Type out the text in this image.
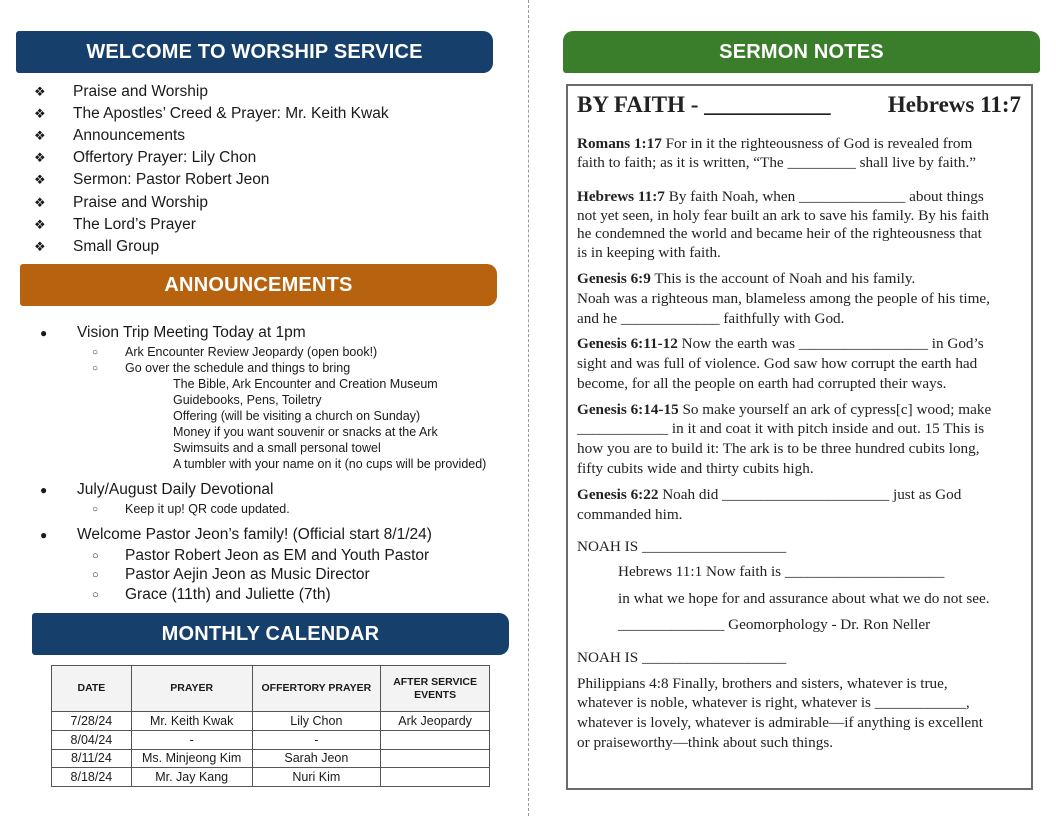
WELCOME TO WORSHIP SERVICE
❖	Praise and Worship
❖	The Apostles’ Creed & Prayer: Mr. Keith Kwak
❖	Announcements
❖	Offertory Prayer: Lily Chon
❖	Sermon: Pastor Robert Jeon
❖	Praise and Worship
❖	The Lord’s Prayer
❖	Small Group
ANNOUNCEMENTS
●	Vision Trip Meeting Today at 1pm
○	Ark Encounter Review Jeopardy (open book!)
○	Go over the schedule and things to bring
The Bible, Ark Encounter and Creation Museum
Guidebooks, Pens, Toiletry
Offering (will be visiting a church on Sunday)
Money if you want souvenir or snacks at the Ark
Swimsuits and a small personal towel
A tumbler with your name on it (no cups will be provided)
●	July/August Daily Devotional
○	Keep it up! QR code updated.
●	Welcome Pastor Jeon’s family! (Official start 8/1/24)
○	Pastor Robert Jeon as EM and Youth Pastor
○	Pastor Aejin Jeon as Music Director
○	Grace (11th) and Juliette (7th)
MONTHLY CALENDAR
DATE	PRAYER	OFFERTORY PRAYER	AFTER SERVICE EVENTS
7/28/24	Mr. Keith Kwak	Lily Chon	Ark Jeopardy
8/04/24	-	-	
8/11/24	Ms. Minjeong Kim	Sarah Jeon	
8/18/24	Mr. Jay Kang	Nuri Kim	
SERMON NOTES
BY FAITH - ___________ Hebrews 11:7
Romans 1:17 For in it the righteousness of God is revealed from
faith to faith; as it is written, “The _________ shall live by faith.”
Hebrews 11:7 By faith Noah, when ______________ about things
not yet seen, in holy fear built an ark to save his family. By his faith
he condemned the world and became heir of the righteousness that
is in keeping with faith.
Genesis 6:9 This is the account of Noah and his family.
Noah was a righteous man, blameless among the people of his time,
and he _____________ faithfully with God.
Genesis 6:11-12 Now the earth was _________________ in God’s
sight and was full of violence. God saw how corrupt the earth had
become, for all the people on earth had corrupted their ways.
Genesis 6:14-15 So make yourself an ark of cypress[c] wood; make
____________ in it and coat it with pitch inside and out. 15 This is
how you are to build it: The ark is to be three hundred cubits long,
fifty cubits wide and thirty cubits high.
Genesis 6:22 Noah did ______________________ just as God
commanded him.
NOAH IS ___________________
Hebrews 11:1 Now faith is _____________________
in what we hope for and assurance about what we do not see.
______________ Geomorphology - Dr. Ron Neller
NOAH IS ___________________
Philippians 4:8 Finally, brothers and sisters, whatever is true,
whatever is noble, whatever is right, whatever is ____________,
whatever is lovely, whatever is admirable—if anything is excellent
or praiseworthy—think about such things.
